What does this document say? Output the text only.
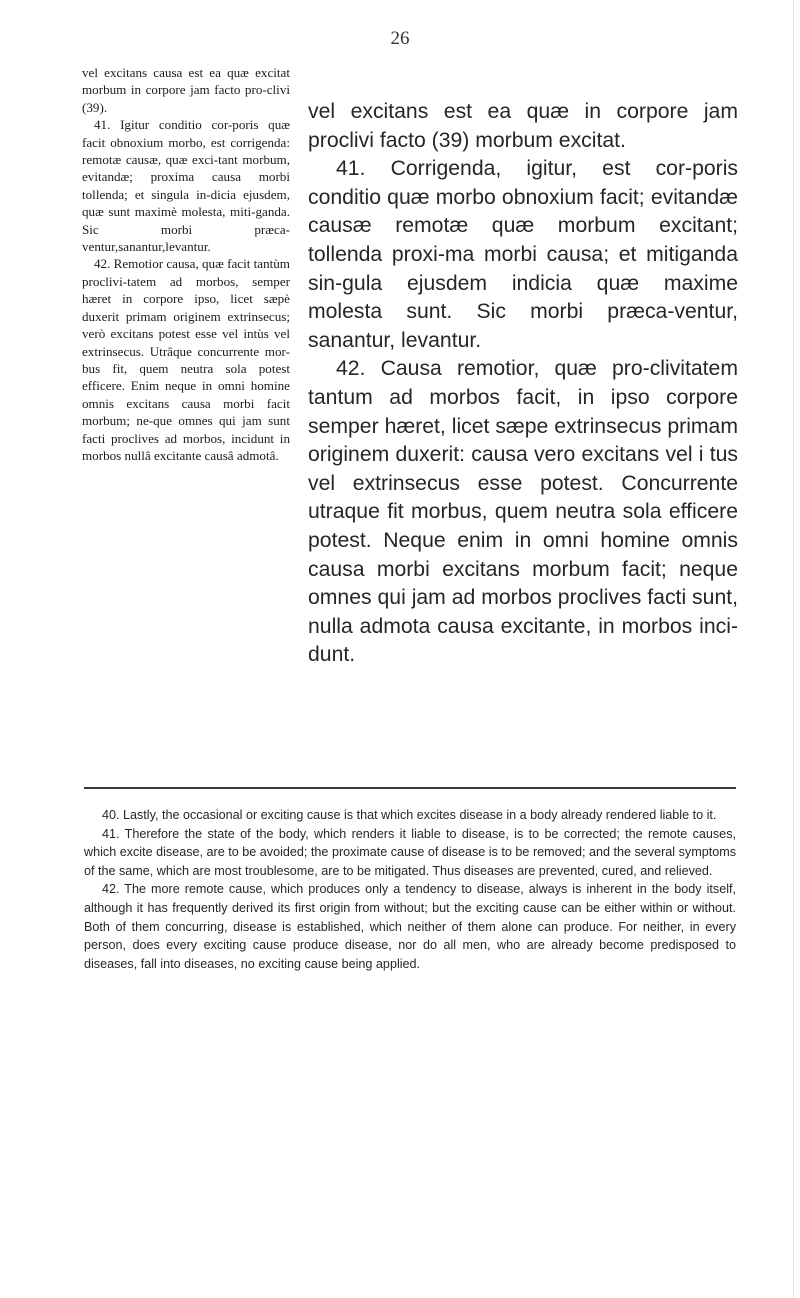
26

vel excitans causa est ea quæ excitat morbum in corpore jam facto pro-clivi (39).

41. Igitur conditio cor-poris quæ facit obnoxium morbo, est corrigenda: remotæ causæ, quæ exci-tant morbum, evitandæ; proxima causa morbi tollenda; et singula in-dicia ejusdem, quæ sunt maximè molesta, miti-ganda. Sic morbi præca-ventur,sanantur,levantur.

42. Remotior causa, quæ facit tantùm proclivi-tatem ad morbos, semper hæret in corpore ipso, licet sæpè duxerit primam originem extrinsecus; verò excitans potest esse vel intùs vel extrinsecus. Utrâque concurrente mor-bus fit, quem neutra sola potest efficere. Enim neque in omni homine omnis excitans causa morbi facit morbum; ne-que omnes qui jam sunt facti proclives ad morbos, incidunt in morbos nullâ excitante causâ admotâ.

vel excitans est ea quæ in corpore jam proclivi facto (39) morbum excitat.

41. Corrigenda, igitur, est cor-poris conditio quæ morbo obnoxium facit; evitandæ causæ remotæ quæ morbum excitant; tollenda proxi-ma morbi causa; et mitiganda sin-gula ejusdem indicia quæ maxime molesta sunt. Sic morbi præca-ventur, sanantur, levantur.

42. Causa remotior, quæ pro-clivitatem tantum ad morbos facit, in ipso corpore semper hæret, licet sæpe extrinsecus primam originem duxerit: causa vero excitans vel i tus vel extrinsecus esse potest. Concurrente utraque fit morbus, quem neutra sola efficere potest. Neque enim in omni homine omnis causa morbi excitans morbum facit; neque omnes qui jam ad morbos proclives facti sunt, nulla admota causa excitante, in morbos inci-dunt.

40. Lastly, the occasional or exciting cause is that which excites disease in a body already rendered liable to it.

41. Therefore the state of the body, which renders it liable to disease, is to be corrected; the remote causes, which excite disease, are to be avoided; the proximate cause of disease is to be removed; and the several symptoms of the same, which are most troublesome, are to be mitigated. Thus diseases are prevented, cured, and relieved.

42. The more remote cause, which produces only a tendency to disease, always is inherent in the body itself, although it has frequently derived its first origin from without; but the exciting cause can be either within or without. Both of them concurring, disease is established, which neither of them alone can produce. For neither, in every person, does every exciting cause produce disease, nor do all men, who are already become predisposed to diseases, fall into diseases, no exciting cause being applied.
